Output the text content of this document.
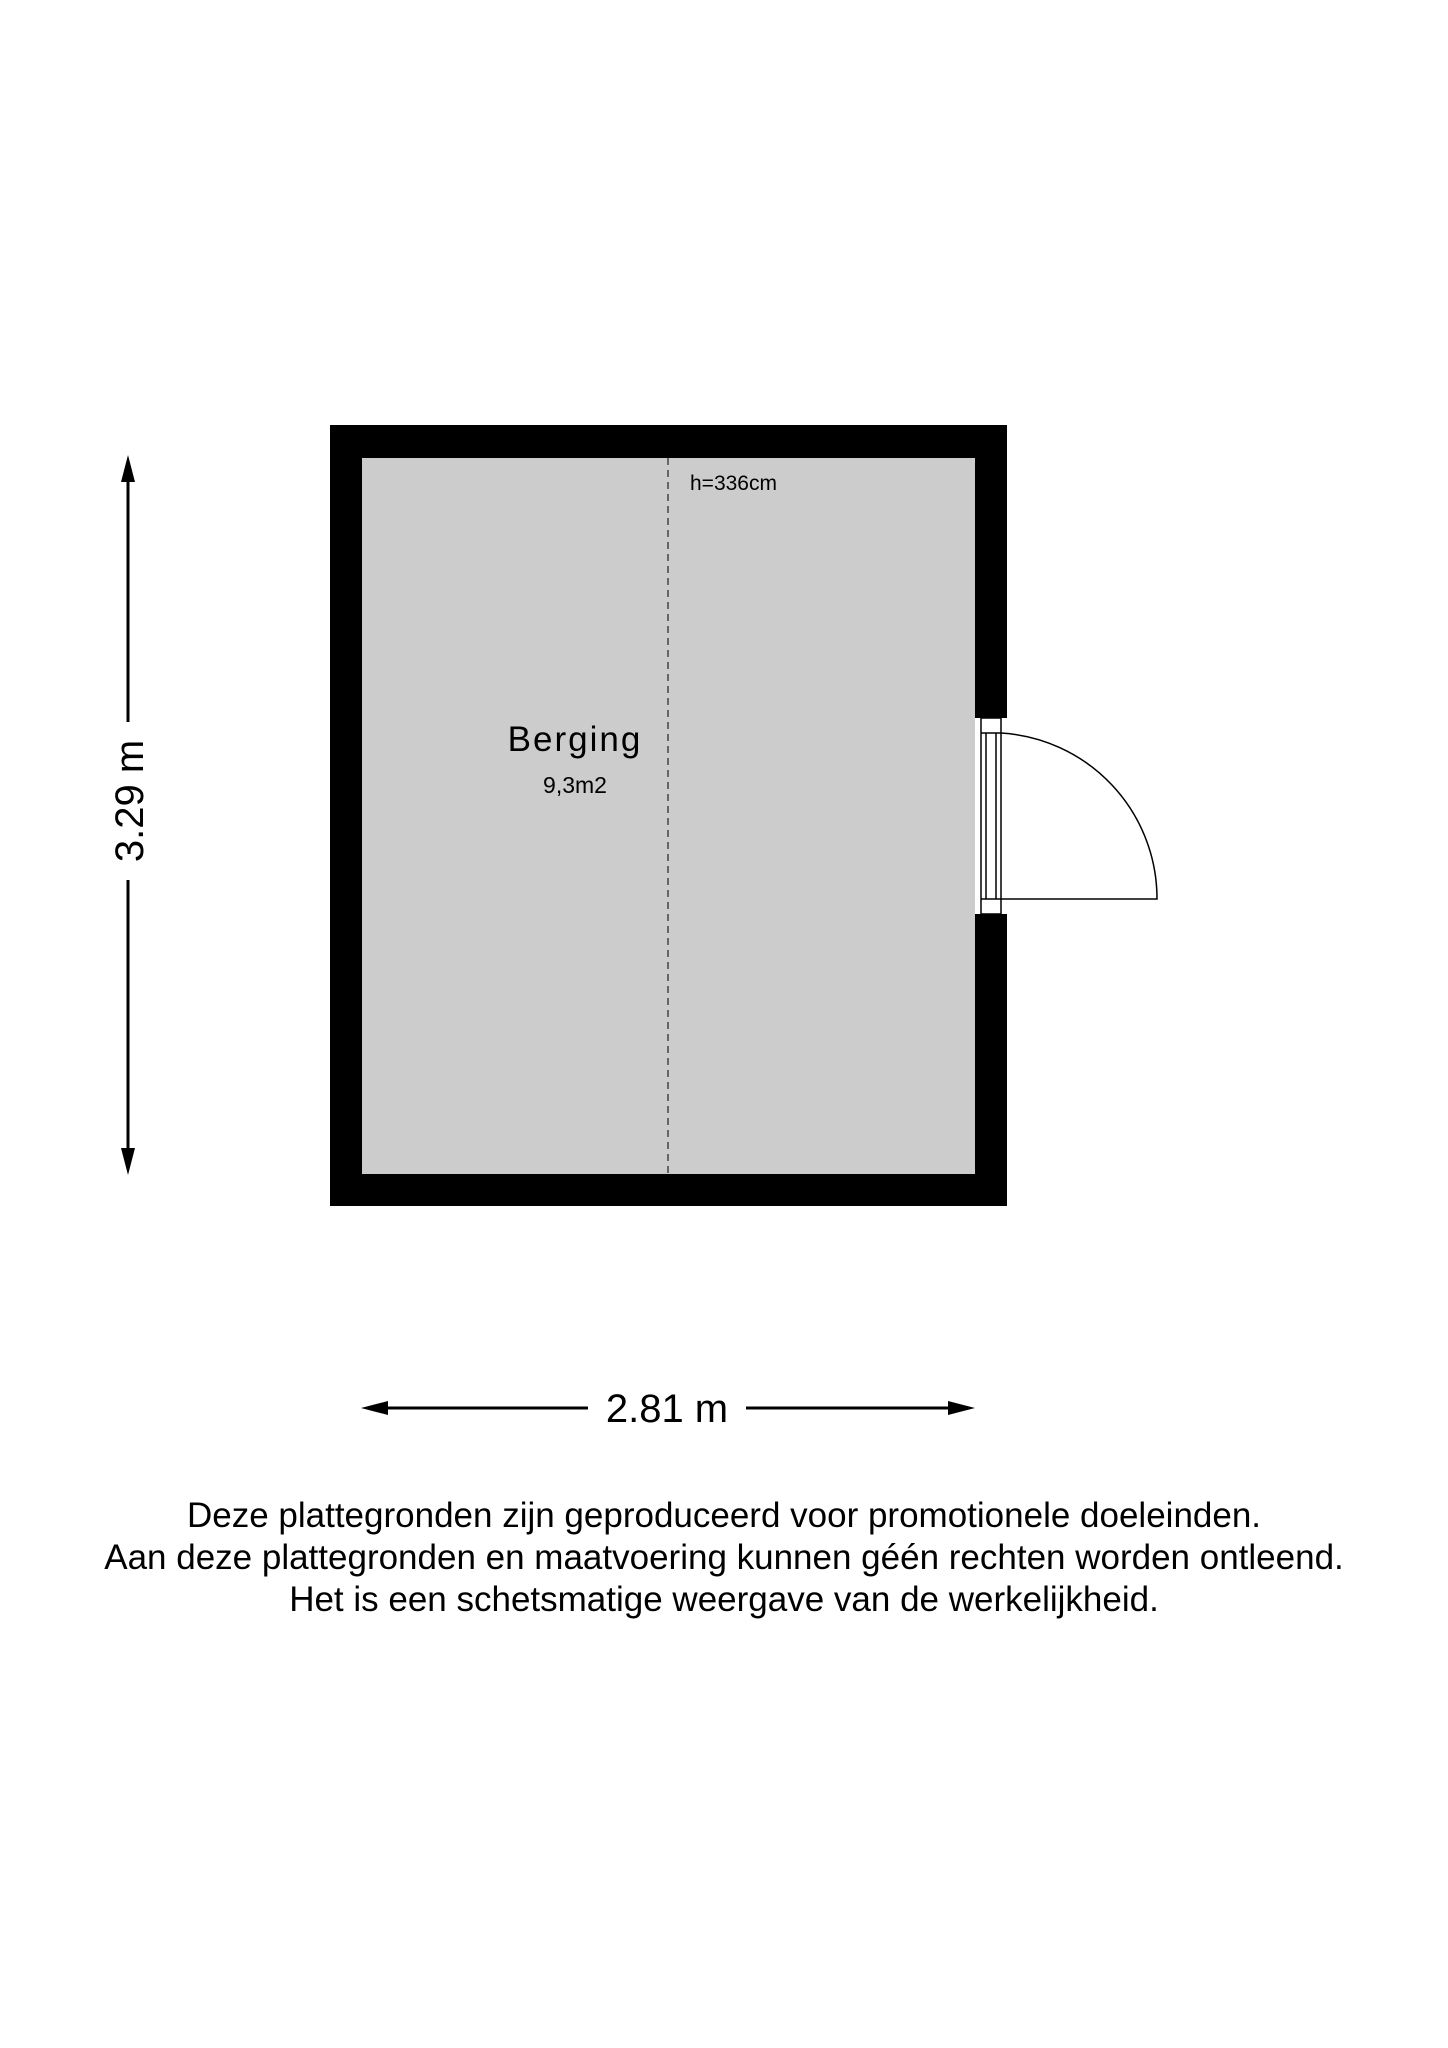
h=336cm
Berging
9,3m2
3.29 m
2.81 m
Deze plattegronden zijn geproduceerd voor promotionele doeleinden.
Aan deze plattegronden en maatvoering kunnen géén rechten worden ontleend.
Het is een schetsmatige weergave van de werkelijkheid.
